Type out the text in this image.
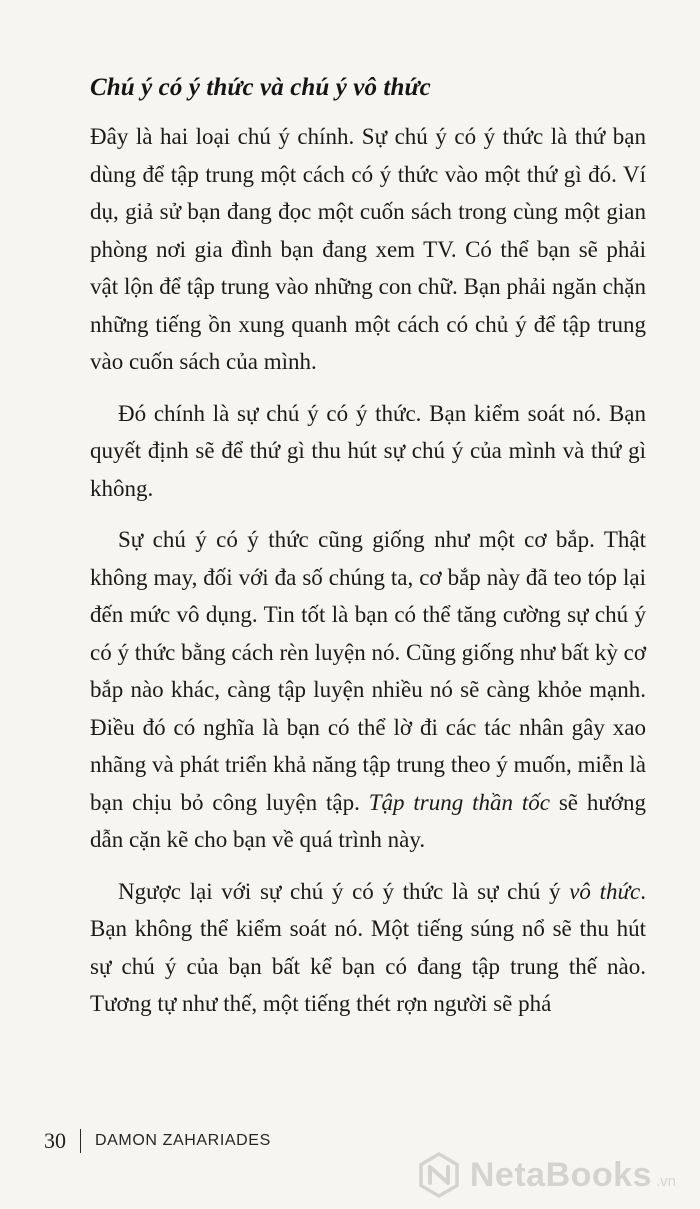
Chú ý có ý thức và chú ý vô thức

Đây là hai loại chú ý chính. Sự chú ý có ý thức là thứ bạn dùng để tập trung một cách có ý thức vào một thứ gì đó. Ví dụ, giả sử bạn đang đọc một cuốn sách trong cùng một gian phòng nơi gia đình bạn đang xem TV. Có thể bạn sẽ phải vật lộn để tập trung vào những con chữ. Bạn phải ngăn chặn những tiếng ồn xung quanh một cách có chủ ý để tập trung vào cuốn sách của mình.

Đó chính là sự chú ý có ý thức. Bạn kiểm soát nó. Bạn quyết định sẽ để thứ gì thu hút sự chú ý của mình và thứ gì không.

Sự chú ý có ý thức cũng giống như một cơ bắp. Thật không may, đối với đa số chúng ta, cơ bắp này đã teo tóp lại đến mức vô dụng. Tin tốt là bạn có thể tăng cường sự chú ý có ý thức bằng cách rèn luyện nó. Cũng giống như bất kỳ cơ bắp nào khác, càng tập luyện nhiều nó sẽ càng khỏe mạnh. Điều đó có nghĩa là bạn có thể lờ đi các tác nhân gây xao nhãng và phát triển khả năng tập trung theo ý muốn, miễn là bạn chịu bỏ công luyện tập. Tập trung thần tốc sẽ hướng dẫn cặn kẽ cho bạn về quá trình này.

Ngược lại với sự chú ý có ý thức là sự chú ý vô thức. Bạn không thể kiểm soát nó. Một tiếng súng nổ sẽ thu hút sự chú ý của bạn bất kể bạn có đang tập trung thế nào. Tương tự như thế, một tiếng thét rợn người sẽ phá

30 DAMON ZAHARIADES
NetaBooks .vn
